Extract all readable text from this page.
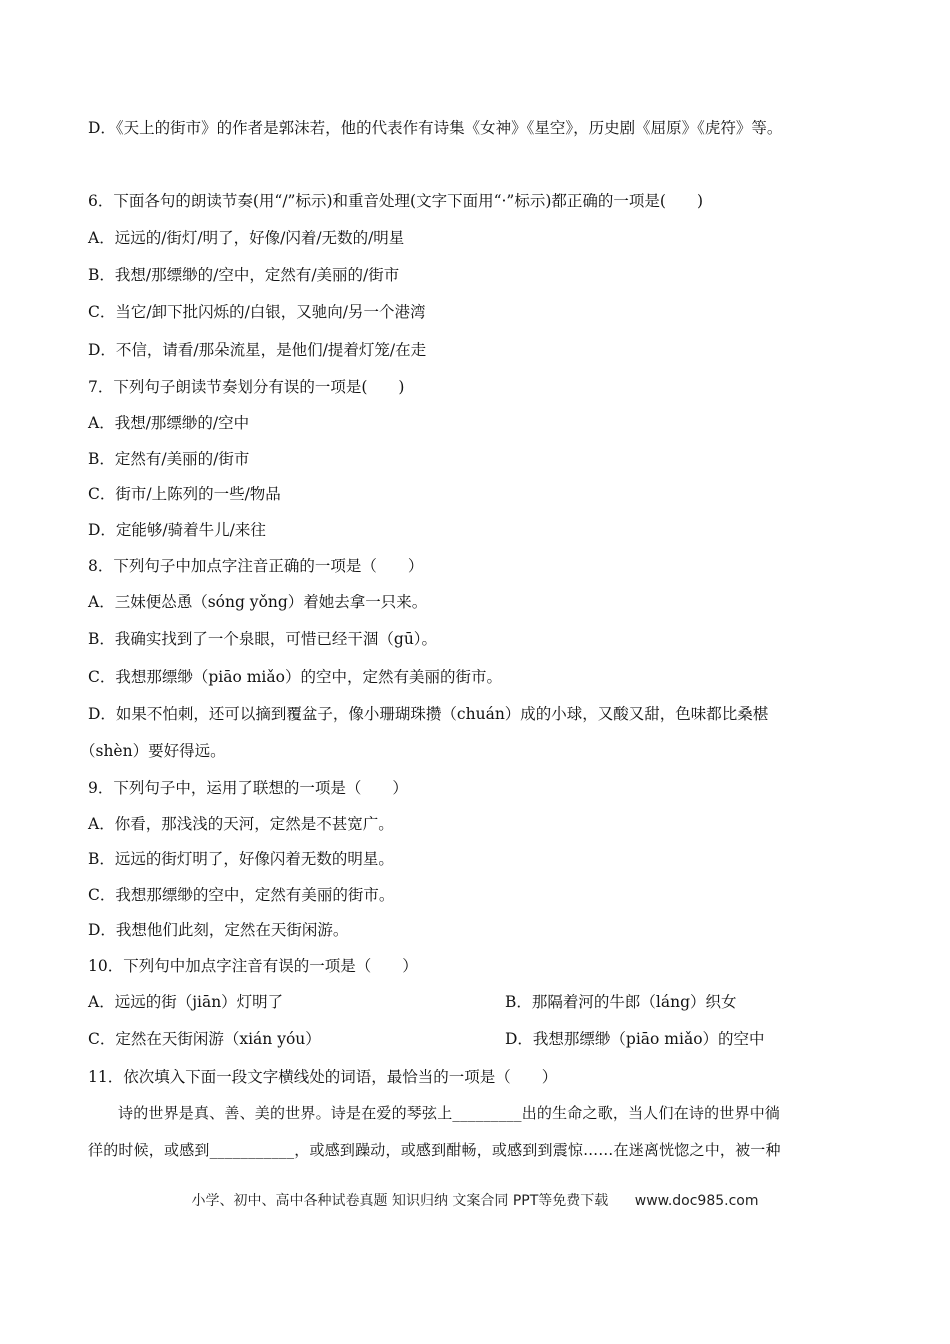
D．《天上的街市》的作者是郭沫若，他的代表作有诗集《女神》《星空》，历史剧《屈原》《虎符》等。
6．下面各句的朗读节奏(用“/”标示)和重音处理(文字下面用“·”标示)都正确的一项是(　　)
A．远远的/街灯/明了，好像/闪着/无数的/明星
B．我想/那缥缈的/空中，定然有/美丽的/街市
C．当它/卸下批闪烁的/白银，又驰向/另一个港湾
D．不信，请看/那朵流星，是他们/提着灯笼/在走
7．下列句子朗读节奏划分有误的一项是(　　)
A．我想/那缥缈的/空中
B．定然有/美丽的/街市
C．街市/上陈列的一些/物品
D．定能够/骑着牛儿/来往
8．下列句子中加点字注音正确的一项是（　　）
A．三妹便怂恿（sóng yǒng）着她去拿一只来。
B．我确实找到了一个泉眼，可惜已经干涸（gū）。
C．我想那缥缈（piāo miǎo）的空中，定然有美丽的街市。
D．如果不怕刺，还可以摘到覆盆子，像小珊瑚珠攒（chuán）成的小球，又酸又甜，色味都比桑椹
（shèn）要好得远。
9．下列句子中，运用了联想的一项是（　　）
A．你看，那浅浅的天河，定然是不甚宽广。
B．远远的街灯明了，好像闪着无数的明星。
C．我想那缥缈的空中，定然有美丽的街市。
D．我想他们此刻，定然在天街闲游。
10．下列句中加点字注音有误的一项是（　　）
A．远远的街（jiān）灯明了	B．那隔着河的牛郎（láng）织女
C．定然在天街闲游（xián yóu）	D．我想那缥缈（piāo miǎo）的空中
11．依次填入下面一段文字横线处的词语，最恰当的一项是（　　）
诗的世界是真、善、美的世界。诗是在爱的琴弦上_________出的生命之歌，当人们在诗的世界中徜
徉的时候，或感到___________，或感到躁动，或感到酣畅，或感到到震惊……在迷离恍惚之中，被一种
小学、初中、高中各种试卷真题 知识归纳 文案合同 PPT等免费下载 www.doc985.com
